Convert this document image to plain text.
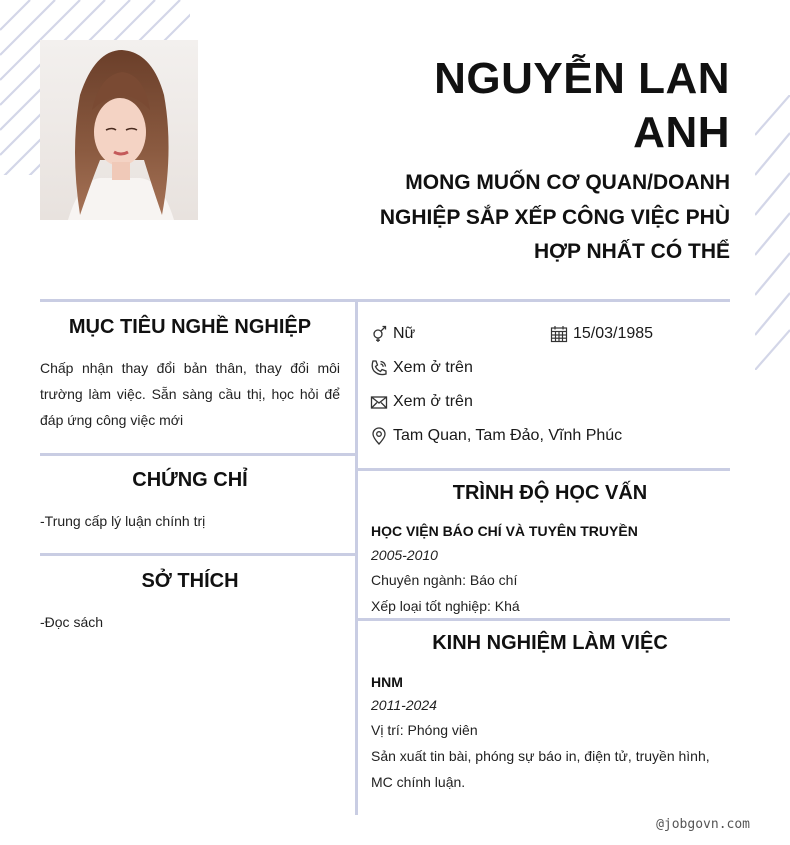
NGUYỄN LAN ANH

MONG MUỐN CƠ QUAN/DOANH NGHIỆP SẮP XẾP CÔNG VIỆC PHÙ HỢP NHẤT CÓ THỂ

MỤC TIÊU NGHỀ NGHIỆP

Chấp nhận thay đổi bản thân, thay đổi môi trường làm việc. Sẵn sàng cầu thị, học hỏi để đáp ứng công việc mới

CHỨNG CHỈ

-Trung cấp lý luận chính trị

SỞ THÍCH

-Đọc sách

Nữ	15/03/1985
Xem ở trên
Xem ở trên
Tam Quan, Tam Đảo, Vĩnh Phúc
TRÌNH ĐỘ HỌC VẤN

HỌC VIỆN BÁO CHÍ VÀ TUYÊN TRUYỀN

2005-2010

Chuyên ngành: Báo chí

Xếp loại tốt nghiệp: Khá

KINH NGHIỆM LÀM VIỆC

HNM

2011-2024

Vị trí: Phóng viên

Sản xuất tin bài, phóng sự báo in, điện tử, truyền hình, MC chính luận.

@jobgovn.com
